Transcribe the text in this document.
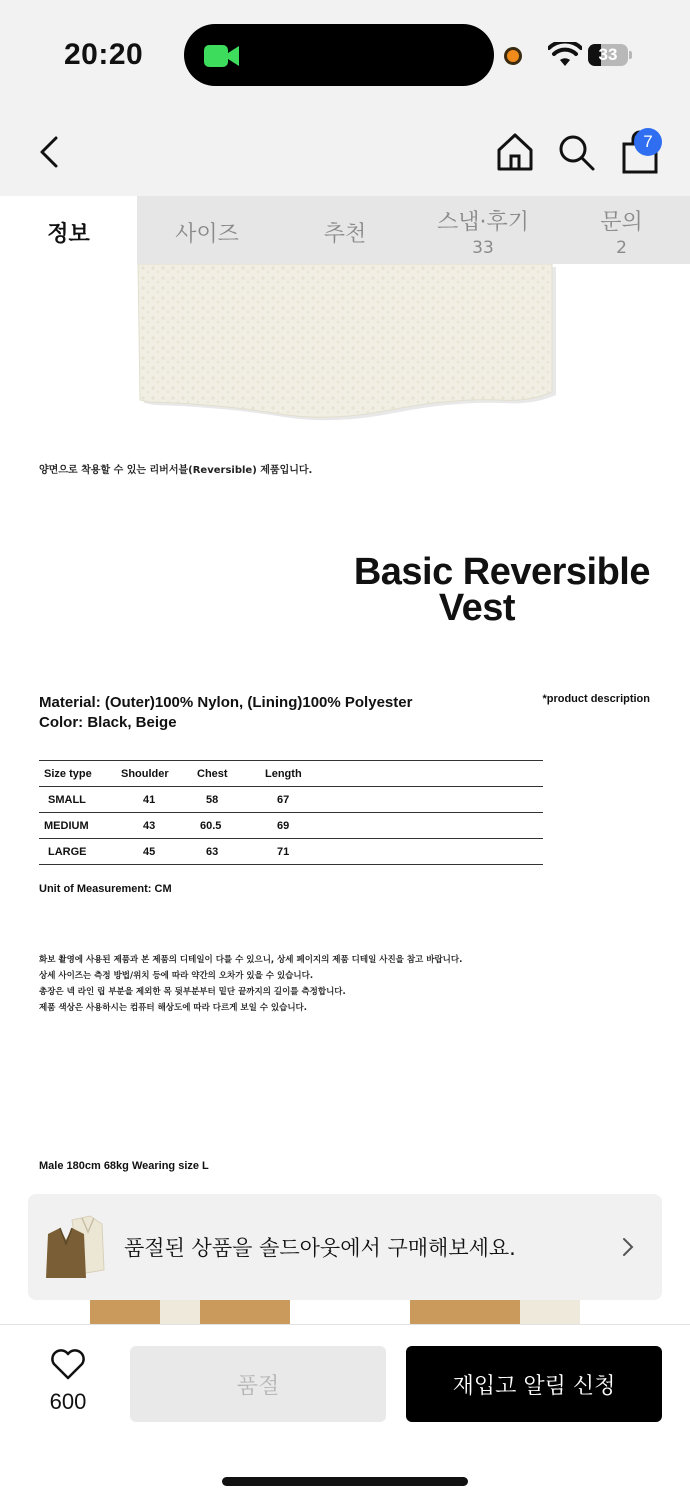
20:20	33
7
정보	사이즈	추천	스냅·후기
33
문의
2
양면으로 착용할 수 있는 리버서블(Reversible) 제품입니다.
Basic Reversible
Vest
Material: (Outer)100% Nylon, (Lining)100% Polyester
Color: Black, Beige
*product description
Size type	Shoulder	Chest	Length
SMALL	41	58	67
MEDIUM	43	60.5	69
LARGE	45	63	71
Unit of Measurement: CM
화보 촬영에 사용된 제품과 본 제품의 디테일이 다를 수 있으니, 상세 페이지의 제품 디테일 사진을 참고 바랍니다.
상세 사이즈는 측정 방법/위치 등에 따라 약간의 오차가 있을 수 있습니다.
총장은 넥 라인 립 부분을 제외한 목 뒷부분부터 밑단 끝까지의 길이를 측정합니다.
제품 색상은 사용하시는 컴퓨터 해상도에 따라 다르게 보일 수 있습니다.
Male 180cm 68kg Wearing size L
품절된 상품을 솔드아웃에서 구매해보세요.
600
품절	재입고 알림 신청
